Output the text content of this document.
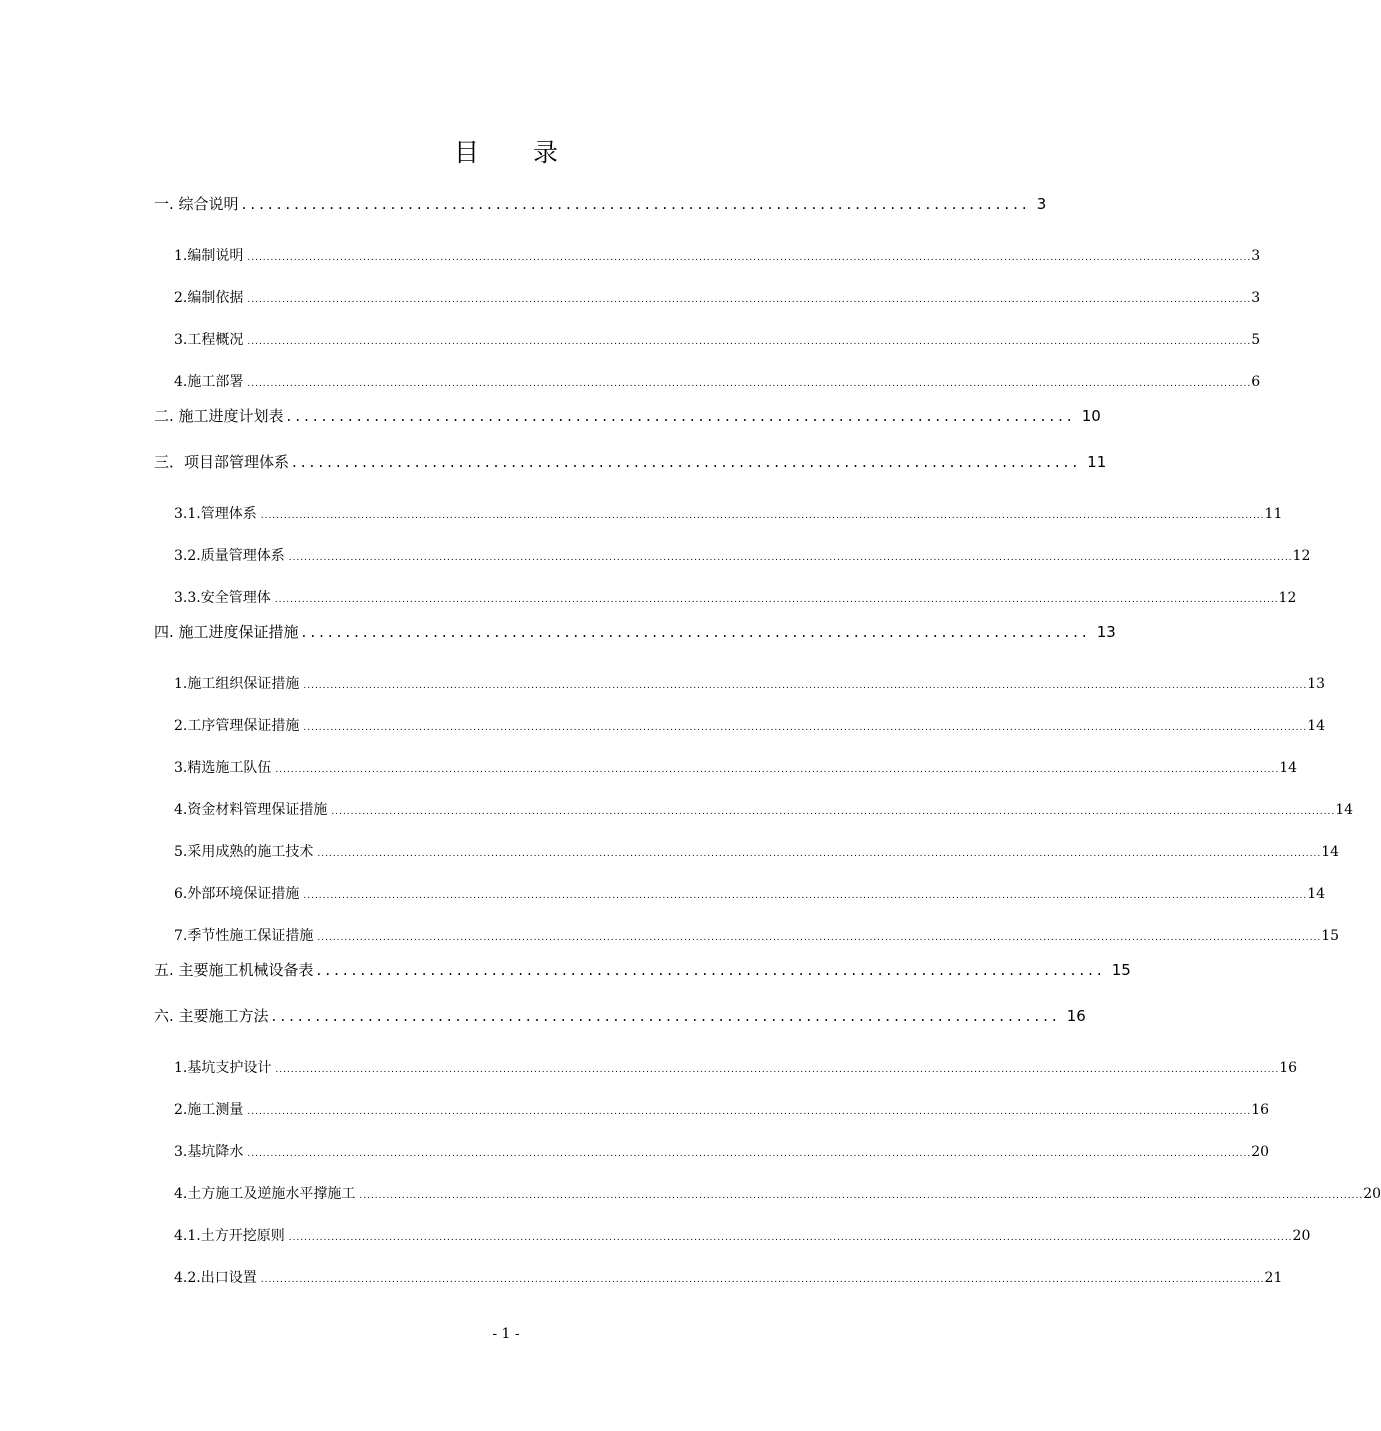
目 录
一. 综合说明 .......................................................................................... 3
1.编制说明 .................................................................................................................................................................................................................................................................... 3
2.编制依据 .................................................................................................................................................................................................................................................................... 3
3.工程概况 .................................................................................................................................................................................................................................................................... 5
4.施工部署 .................................................................................................................................................................................................................................................................... 6
二. 施工进度计划表 .......................................................................................... 10
三．项目部管理体系 .......................................................................................... 11
3.1.管理体系 .................................................................................................................................................................................................................................................................... 11
3.2.质量管理体系 .................................................................................................................................................................................................................................................................... 12
3.3.安全管理体 .................................................................................................................................................................................................................................................................... 12
四. 施工进度保证措施 .......................................................................................... 13
1.施工组织保证措施 .................................................................................................................................................................................................................................................................... 13
2.工序管理保证措施 .................................................................................................................................................................................................................................................................... 14
3.精选施工队伍 .................................................................................................................................................................................................................................................................... 14
4.资金材料管理保证措施 .................................................................................................................................................................................................................................................................... 14
5.采用成熟的施工技术 .................................................................................................................................................................................................................................................................... 14
6.外部环境保证措施 .................................................................................................................................................................................................................................................................... 14
7.季节性施工保证措施 .................................................................................................................................................................................................................................................................... 15
五. 主要施工机械设备表 .......................................................................................... 15
六. 主要施工方法 .......................................................................................... 16
1.基坑支护设计 .................................................................................................................................................................................................................................................................... 16
2.施工测量 .................................................................................................................................................................................................................................................................... 16
3.基坑降水 .................................................................................................................................................................................................................................................................... 20
4.土方施工及逆施水平撑施工 .................................................................................................................................................................................................................................................................... 20
4.1.土方开挖原则 .................................................................................................................................................................................................................................................................... 20
4.2.出口设置 .................................................................................................................................................................................................................................................................... 21
- 1 -
